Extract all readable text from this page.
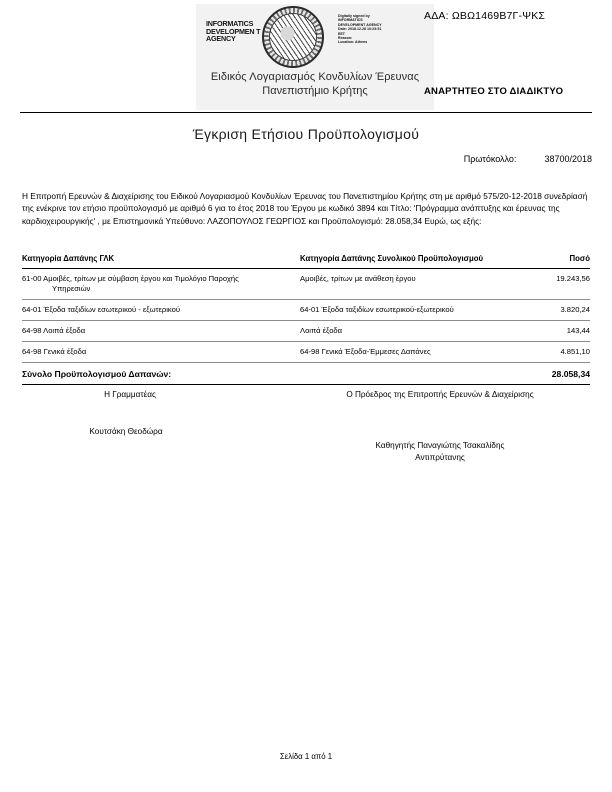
INFORMATICS DEVELOPMEN T AGENCY
Digitally signed by
INFORMATICS
DEVELOPMENT AGENCY
Date: 2018.12.28 10:23:51
EET
Reason:
Location: Athens
Ειδικός Λογαριασμός Κονδυλίων Έρευνας
Πανεπιστήμιο Κρήτης
ΑΔΑ: ΩΒΩ1469Β7Γ-ΨΚΣ
ΑΝΑΡΤΗΤΕΟ ΣΤΟ ΔΙΑΔΙΚΤΥΟ
Έγκριση Ετήσιου Προϋπολογισμού
Πρωτόκολλο:	38700/2018
Η Επιτροπή Ερευνών & Διαχείρισης του Ειδικού Λογαριασμού Κονδυλίων Έρευνας του Πανεπιστημίου Κρήτης στη με αριθμό 575/20-12-2018 συνεδρίασή της ενέκρινε τον ετήσιο προϋπολογισμό με αριθμό 6 για το έτος 2018 του Έργου με κωδικό 3894 και Τίτλο: 'Πρόγραμμα ανάπτυξης και έρευνας της καρδιοχειρουργικής' , με Επιστημονικά Υπεύθυνο: ΛΑΖΟΠΟΥΛΟΣ ΓΕΩΡΓΙΟΣ και Προϋπολογισμό: 28.058,34 Ευρώ, ως εξής:
Κατηγορία Δαπάνης ΓΛΚ	Κατηγορία Δαπάνης Συνολικού Προϋπολογισμού	Ποσό

61-00 Αμοιβές, τρίτων με σύμβαση έργου και Τιμολόγιο Παροχής
Υπηρεσιών	Αμοιβές, τρίτων με ανάθεση έργου	19.243,56

64-01 Έξοδα ταξιδίων εσωτερικού - εξωτερικού	64-01 Έξοδα ταξιδίων εσωτερικού-εξωτερικού	3.820,24

64-98 Λοιπά έξοδα	Λοιπά έξοδα	143,44

64-98 Γενικά έξοδα	64-98 Γενικά Έξοδα-Έμμεσες Δαπάνες	4.851,10
Σύνολο Προϋπολογισμού Δαπανών:		28.058,34
Η Γραμματέας	Ο Πρόεδρος της Επιτροπής Ερευνών & Διαχείρισης
Κουτσάκη Θεοδώρα
Καθηγητής Παναγιώτης Τσακαλίδης
Αντιπρύτανης
Σελίδα 1 από 1
